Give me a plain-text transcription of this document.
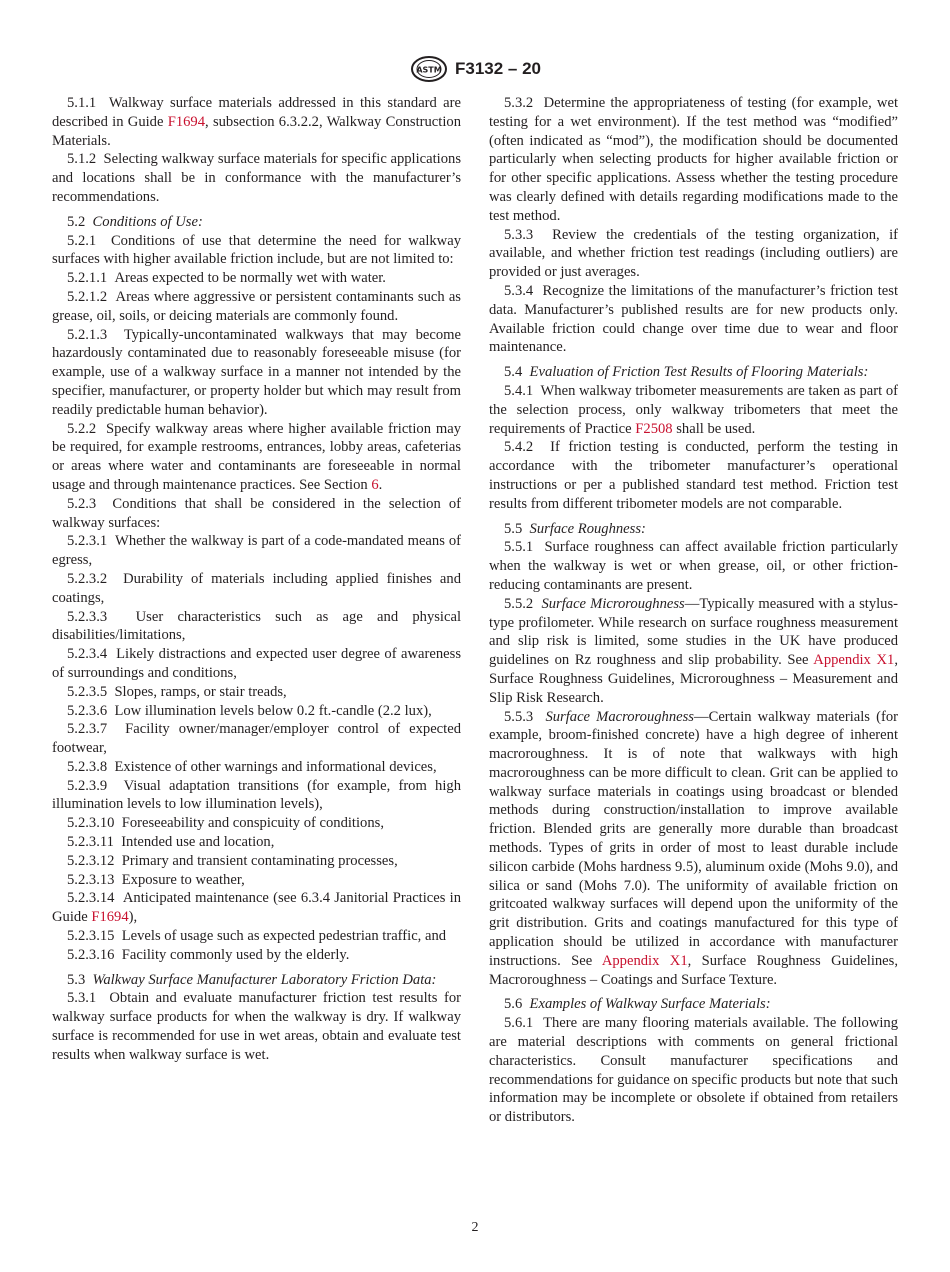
ASTM F3132 – 20

5.1.1 Walkway surface materials addressed in this standard are described in Guide F1694, subsection 6.3.2.2, Walkway Construction Materials.

5.1.2 Selecting walkway surface materials for specific applications and locations shall be in conformance with the manufacturer’s recommendations.

5.2 Conditions of Use:

5.2.1 Conditions of use that determine the need for walkway surfaces with higher available friction include, but are not limited to:

5.2.1.1 Areas expected to be normally wet with water.

5.2.1.2 Areas where aggressive or persistent contaminants such as grease, oil, soils, or deicing materials are commonly found.

5.2.1.3 Typically-uncontaminated walkways that may become hazardously contaminated due to reasonably foreseeable misuse (for example, use of a walkway surface in a manner not intended by the specifier, manufacturer, or property holder but which may result from readily predictable human behavior).

5.2.2 Specify walkway areas where higher available friction may be required, for example restrooms, entrances, lobby areas, cafeterias or areas where water and contaminants are foreseeable in normal usage and through maintenance practices. See Section 6.

5.2.3 Conditions that shall be considered in the selection of walkway surfaces:

5.2.3.1 Whether the walkway is part of a code-mandated means of egress,

5.2.3.2 Durability of materials including applied finishes and coatings,

5.2.3.3 User characteristics such as age and physical disabilities/limitations,

5.2.3.4 Likely distractions and expected user degree of awareness of surroundings and conditions,

5.2.3.5 Slopes, ramps, or stair treads,

5.2.3.6 Low illumination levels below 0.2 ft.-candle (2.2 lux),

5.2.3.7 Facility owner/manager/employer control of expected footwear,

5.2.3.8 Existence of other warnings and informational devices,

5.2.3.9 Visual adaptation transitions (for example, from high illumination levels to low illumination levels),

5.2.3.10 Foreseeability and conspicuity of conditions,

5.2.3.11 Intended use and location,

5.2.3.12 Primary and transient contaminating processes,

5.2.3.13 Exposure to weather,

5.2.3.14 Anticipated maintenance (see 6.3.4 Janitorial Practices in Guide F1694),

5.2.3.15 Levels of usage such as expected pedestrian traffic, and

5.2.3.16 Facility commonly used by the elderly.

5.3 Walkway Surface Manufacturer Laboratory Friction Data:

5.3.1 Obtain and evaluate manufacturer friction test results for walkway surface products for when the walkway is dry. If walkway surface is recommended for use in wet areas, obtain and evaluate test results when walkway surface is wet.

5.3.2 Determine the appropriateness of testing (for example, wet testing for a wet environment). If the test method was “modified” (often indicated as “mod”), the modification should be documented particularly when selecting products for higher available friction or for other specific applications. Assess whether the testing procedure was clearly defined with details regarding modifications made to the test method.

5.3.3 Review the credentials of the testing organization, if available, and whether friction test readings (including outliers) are provided or just averages.

5.3.4 Recognize the limitations of the manufacturer’s friction test data. Manufacturer’s published results are for new products only. Available friction could change over time due to wear and floor maintenance.

5.4 Evaluation of Friction Test Results of Flooring Materials:

5.4.1 When walkway tribometer measurements are taken as part of the selection process, only walkway tribometers that meet the requirements of Practice F2508 shall be used.

5.4.2 If friction testing is conducted, perform the testing in accordance with the tribometer manufacturer’s operational instructions or per a published standard test method. Friction test results from different tribometer models are not comparable.

5.5 Surface Roughness:

5.5.1 Surface roughness can affect available friction particularly when the walkway is wet or when grease, oil, or other friction-reducing contaminants are present.

5.5.2 Surface Microroughness—Typically measured with a stylus-type profilometer. While research on surface roughness measurement and slip risk is limited, some studies in the UK have produced guidelines on Rz roughness and slip probability. See Appendix X1, Surface Roughness Guidelines, Microroughness – Measurement and Slip Risk Research.

5.5.3 Surface Macroroughness—Certain walkway materials (for example, broom-finished concrete) have a high degree of inherent macroroughness. It is of note that walkways with high macroroughness can be more difficult to clean. Grit can be applied to walkway surface materials in coatings using broadcast or blended methods during construction/installation to improve available friction. Blended grits are generally more durable than broadcast methods. Types of grits in order of most to least durable include silicon carbide (Mohs hardness 9.5), aluminum oxide (Mohs 9.0), and silica or sand (Mohs 7.0). The uniformity of available friction on gritcoated walkway surfaces will depend upon the uniformity of the grit distribution. Grits and coatings manufactured for this type of application should be utilized in accordance with manufacturer instructions. See Appendix X1, Surface Roughness Guidelines, Macroroughness – Coatings and Surface Texture.

5.6 Examples of Walkway Surface Materials:

5.6.1 There are many flooring materials available. The following are material descriptions with comments on general frictional characteristics. Consult manufacturer specifications and recommendations for guidance on specific products but note that such information may be incomplete or obsolete if obtained from retailers or distributors.

2
